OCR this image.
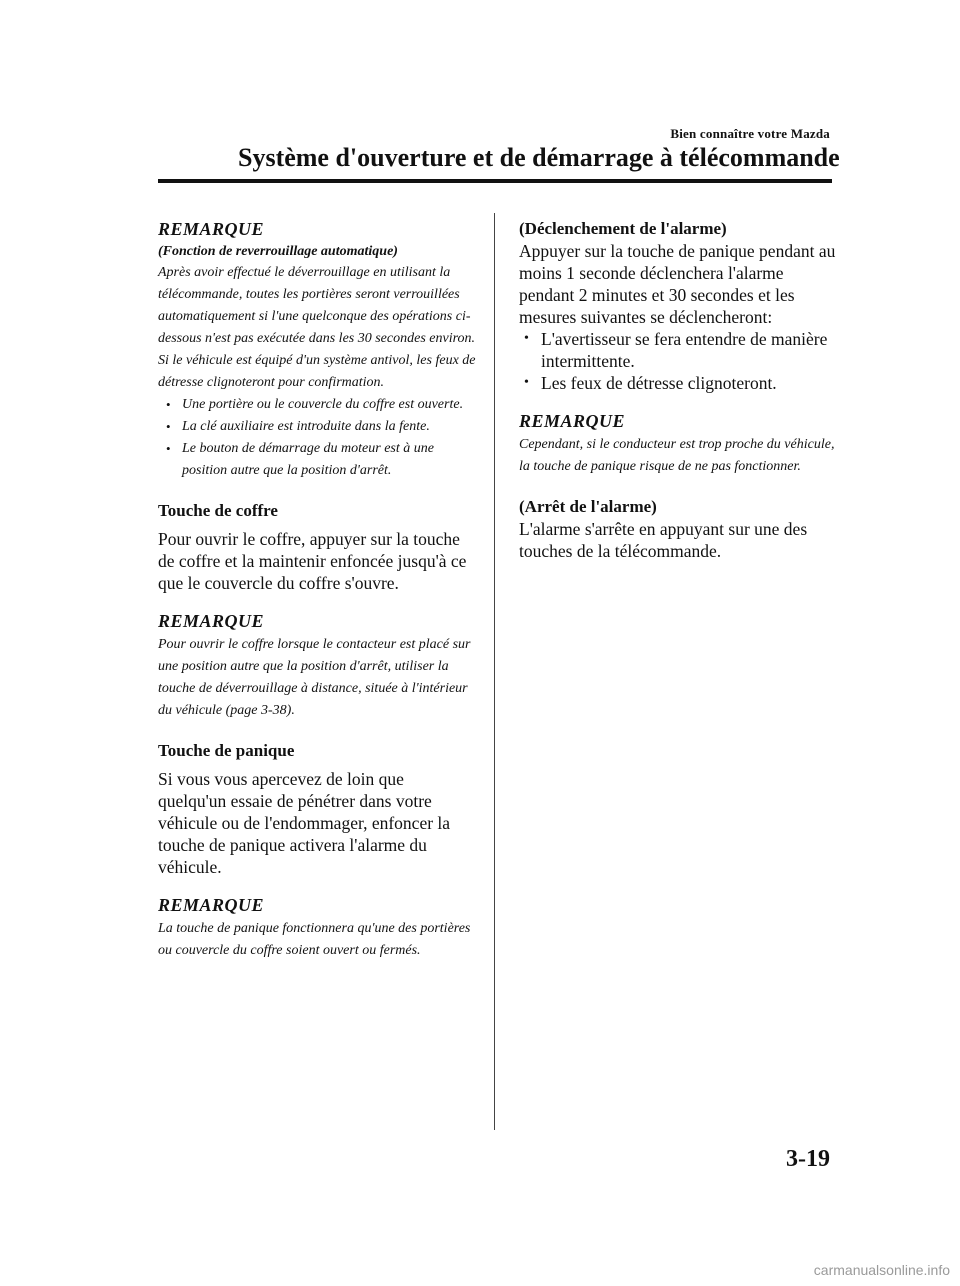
Bien connaître votre Mazda
Système d'ouverture et de démarrage à télécommande
REMARQUE
(Fonction de reverrouillage automatique)
Après avoir effectué le déverrouillage en utilisant la télécommande, toutes les portières seront verrouillées automatiquement si l'une quelconque des opérations ci-dessous n'est pas exécutée dans les 30 secondes environ. Si le véhicule est équipé d'un système antivol, les feux de détresse clignoteront pour confirmation.
• Une portière ou le couvercle du coffre est ouverte.
• La clé auxiliaire est introduite dans la fente.
• Le bouton de démarrage du moteur est à une position autre que la position d'arrêt.
Touche de coffre
Pour ouvrir le coffre, appuyer sur la touche de coffre et la maintenir enfoncée jusqu'à ce que le couvercle du coffre s'ouvre.
REMARQUE
Pour ouvrir le coffre lorsque le contacteur est placé sur une position autre que la position d'arrêt, utiliser la touche de déverrouillage à distance, située à l'intérieur du véhicule (page 3-38).
Touche de panique
Si vous vous apercevez de loin que quelqu'un essaie de pénétrer dans votre véhicule ou de l'endommager, enfoncer la touche de panique activera l'alarme du véhicule.
REMARQUE
La touche de panique fonctionnera qu'une des portières ou couvercle du coffre soient ouvert ou fermés.
(Déclenchement de l'alarme)
Appuyer sur la touche de panique pendant au moins 1 seconde déclenchera l'alarme pendant 2 minutes et 30 secondes et les mesures suivantes se déclencheront:
• L'avertisseur se fera entendre de manière intermittente.
• Les feux de détresse clignoteront.
REMARQUE
Cependant, si le conducteur est trop proche du véhicule, la touche de panique risque de ne pas fonctionner.
(Arrêt de l'alarme)
L'alarme s'arrête en appuyant sur une des touches de la télécommande.
3-19
carmanualsonline.info
